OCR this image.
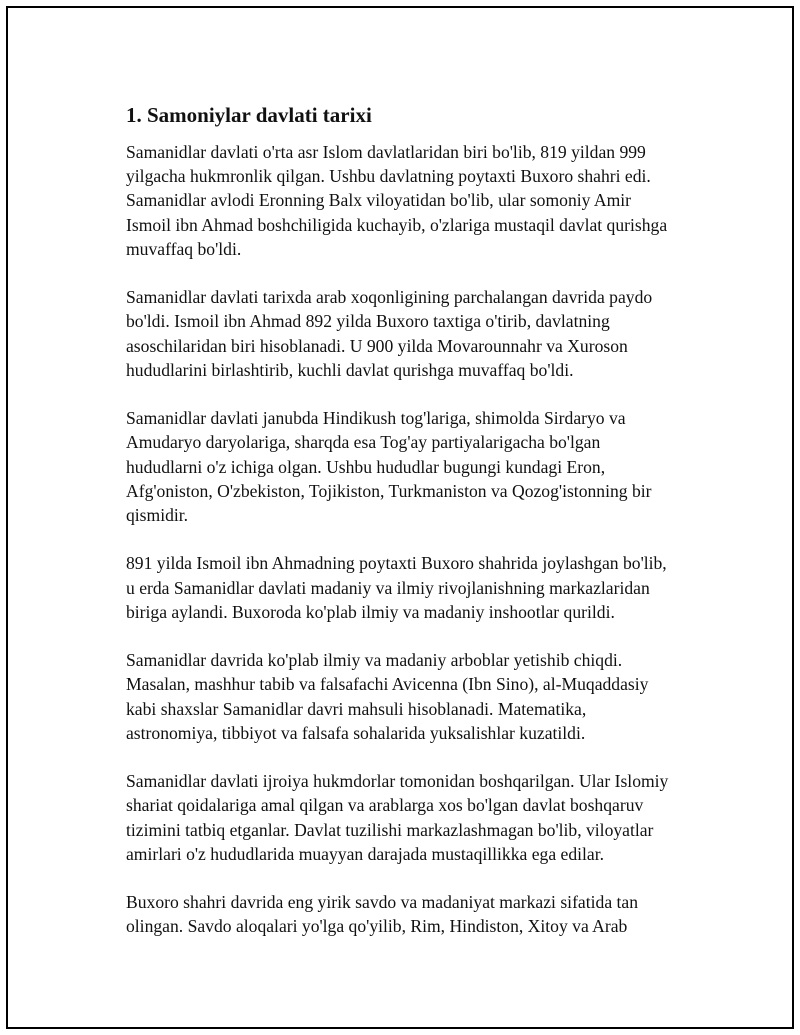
1. Samoniylar davlati tarixi

Samanidlar davlati o'rta asr Islom davlatlaridan biri bo'lib, 819 yildan 999
yilgacha hukmronlik qilgan. Ushbu davlatning poytaxti Buxoro shahri edi.
Samanidlar avlodi Eronning Balx viloyatidan bo'lib, ular somoniy Amir
Ismoil ibn Ahmad boshchiligida kuchayib, o'zlariga mustaqil davlat qurishga
muvaffaq bo'ldi.

Samanidlar davlati tarixda arab xoqonligining parchalangan davrida paydo
bo'ldi. Ismoil ibn Ahmad 892 yilda Buxoro taxtiga o'tirib, davlatning
asoschilaridan biri hisoblanadi. U 900 yilda Movarounnahr va Xuroson
hududlarini birlashtirib, kuchli davlat qurishga muvaffaq bo'ldi.

Samanidlar davlati janubda Hindikush tog'lariga, shimolda Sirdaryo va
Amudaryo daryolariga, sharqda esa Tog'ay partiyalarigacha bo'lgan
hududlarni o'z ichiga olgan. Ushbu hududlar bugungi kundagi Eron,
Afg'oniston, O'zbekiston, Tojikiston, Turkmaniston va Qozog'istonning bir
qismidir.

891 yilda Ismoil ibn Ahmadning poytaxti Buxoro shahrida joylashgan bo'lib,
u erda Samanidlar davlati madaniy va ilmiy rivojlanishning markazlaridan
biriga aylandi. Buxoroda ko'plab ilmiy va madaniy inshootlar qurildi.

Samanidlar davrida ko'plab ilmiy va madaniy arboblar yetishib chiqdi.
Masalan, mashhur tabib va falsafachi Avicenna (Ibn Sino), al-Muqaddasiy
kabi shaxslar Samanidlar davri mahsuli hisoblanadi. Matematika,
astronomiya, tibbiyot va falsafa sohalarida yuksalishlar kuzatildi.

Samanidlar davlati ijroiya hukmdorlar tomonidan boshqarilgan. Ular Islomiy
shariat qoidalariga amal qilgan va arablarga xos bo'lgan davlat boshqaruv
tizimini tatbiq etganlar. Davlat tuzilishi markazlashmagan bo'lib, viloyatlar
amirlari o'z hududlarida muayyan darajada mustaqillikka ega edilar.

Buxoro shahri davrida eng yirik savdo va madaniyat markazi sifatida tan
olingan. Savdo aloqalari yo'lga qo'yilib, Rim, Hindiston, Xitoy va Arab
